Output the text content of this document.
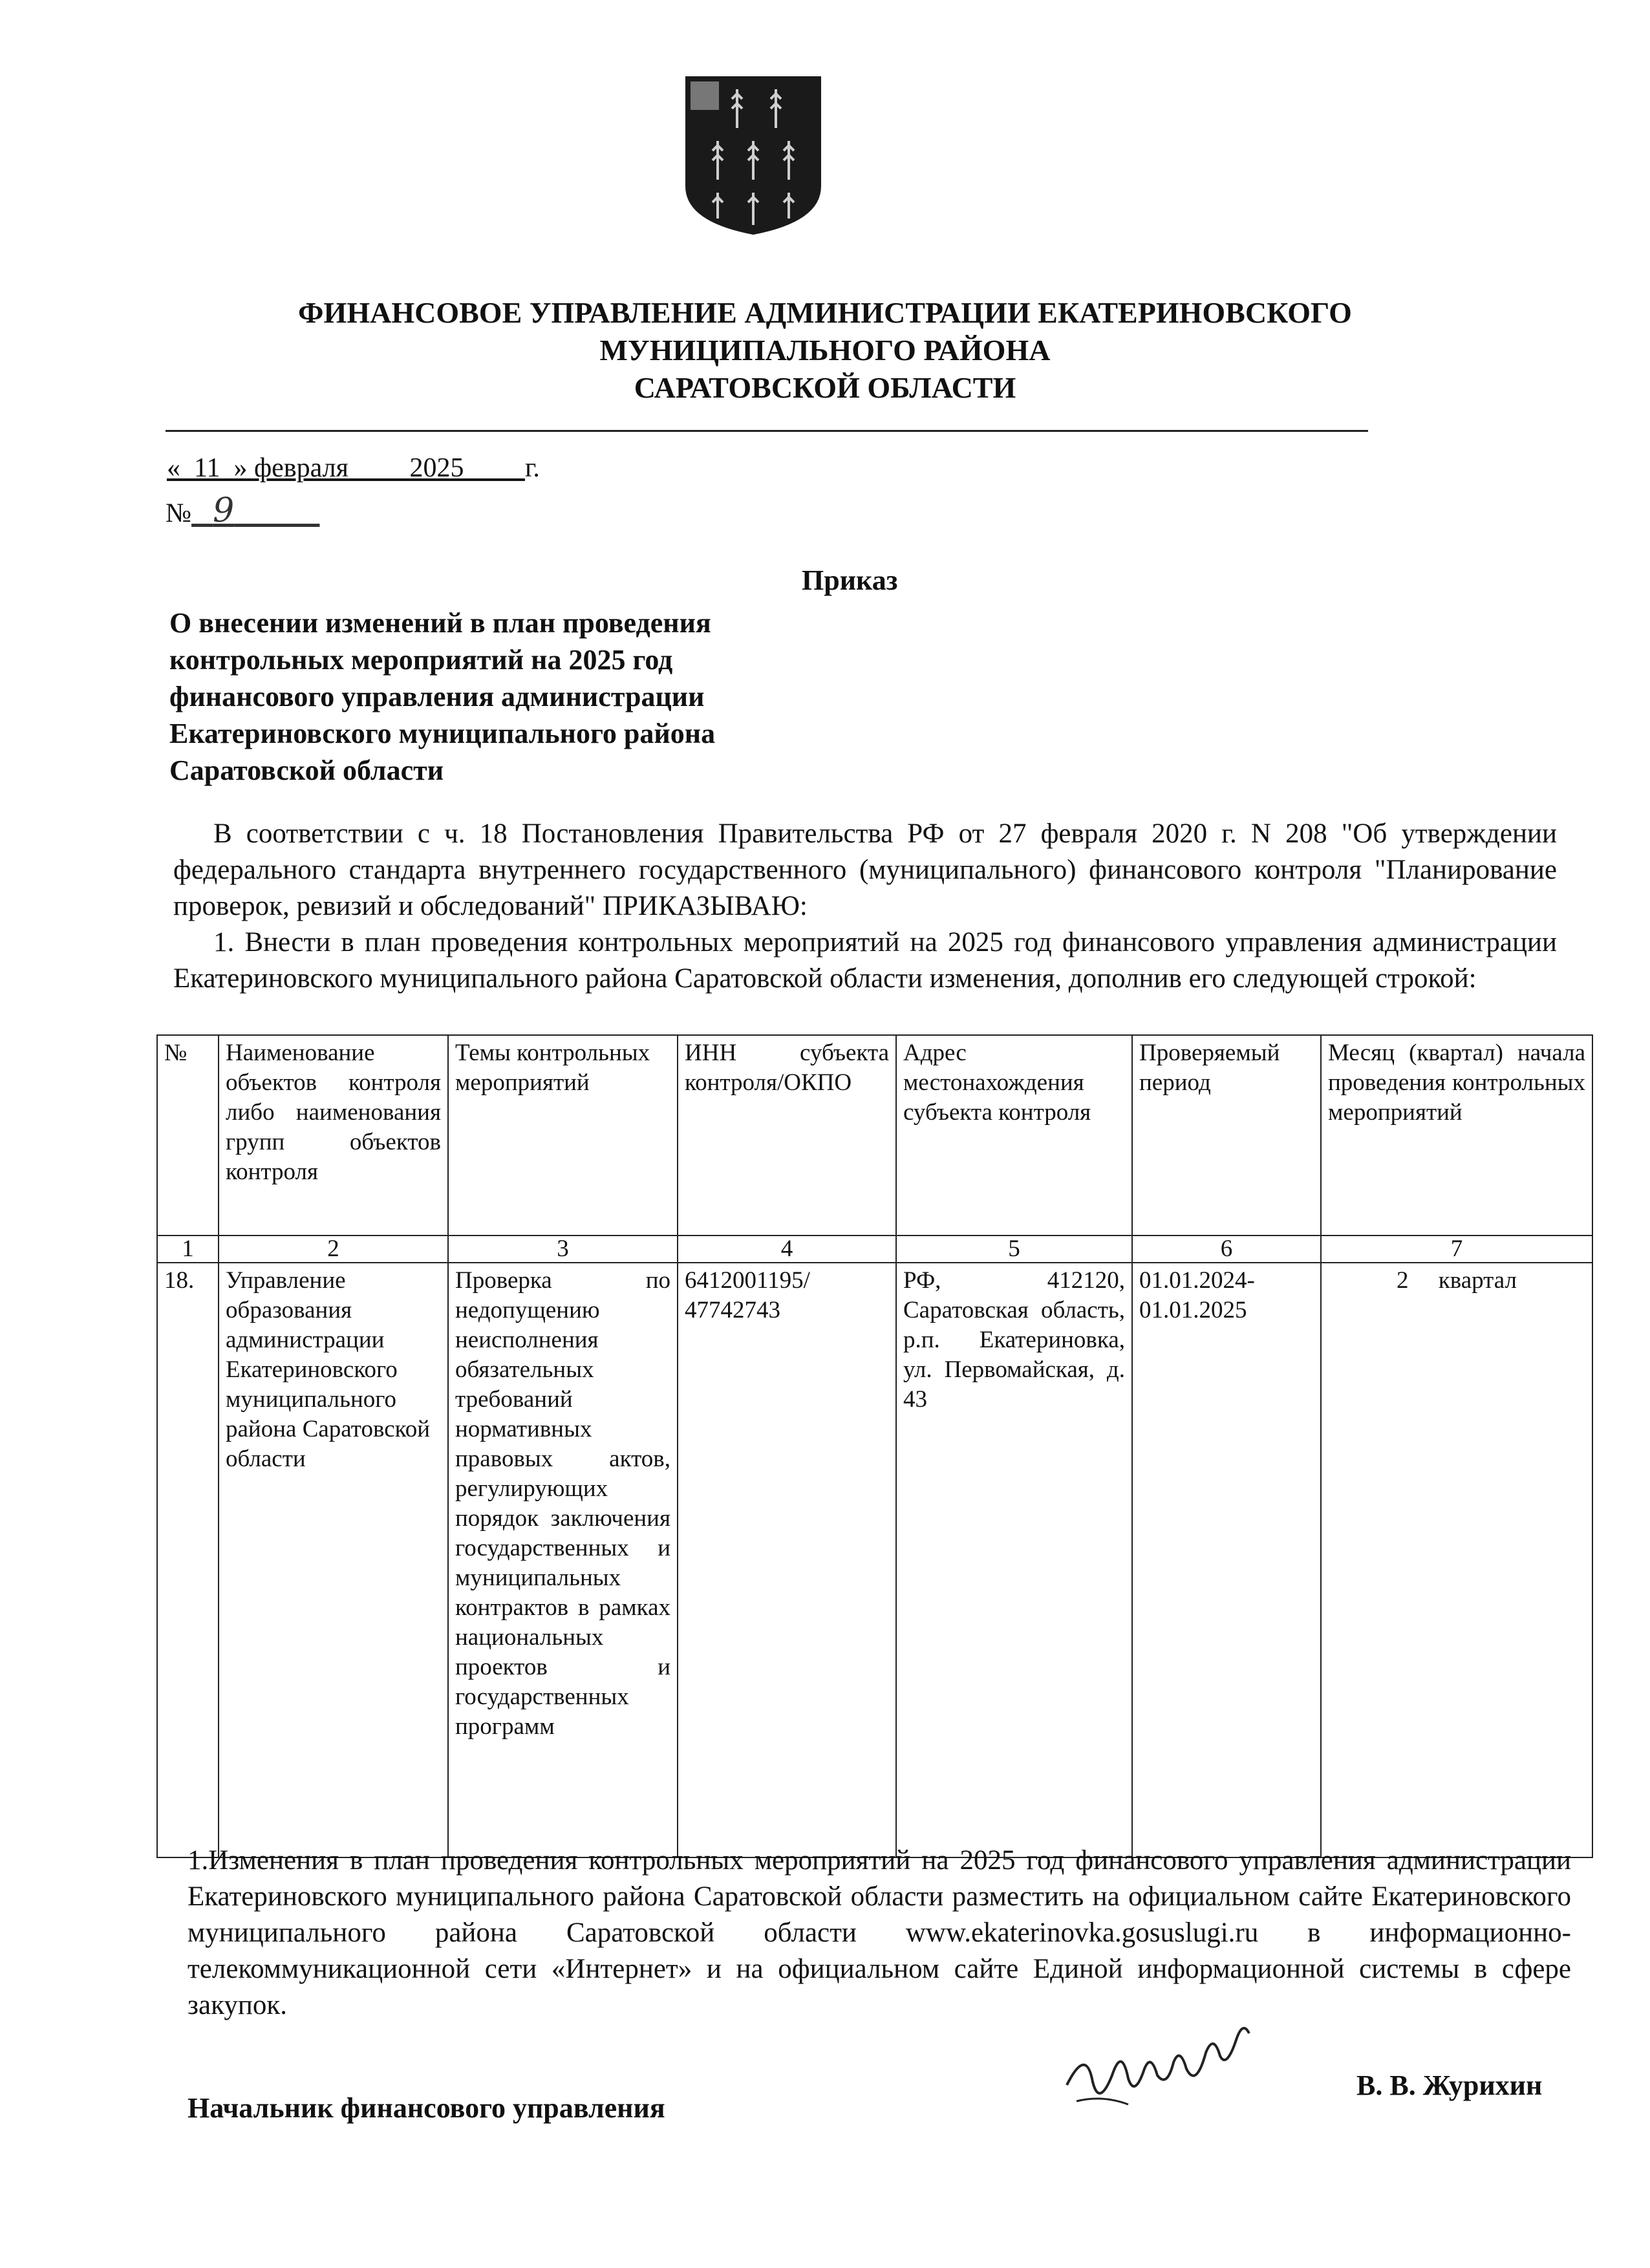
ФИНАНСОВОЕ УПРАВЛЕНИЕ АДМИНИСТРАЦИИ ЕКАТЕРИНОВСКОГО
МУНИЦИПАЛЬНОГО РАЙОНА
САРАТОВСКОЙ ОБЛАСТИ
« 11 » февраля 2025 г.
№ 9
Приказ
О внесении изменений в план проведения
контрольных мероприятий на 2025 год
финансового управления администрации
Екатериновского муниципального района
Саратовской области
В соответствии с ч. 18 Постановления Правительства РФ от 27 февраля 2020 г. N 208 "Об утверждении федерального стандарта внутреннего государственного (муниципального) финансового контроля "Планирование проверок, ревизий и обследований" ПРИКАЗЫВАЮ:
1. Внести в план проведения контрольных мероприятий на 2025 год финансового управления администрации Екатериновского муниципального района Саратовской области изменения, дополнив его следующей строкой:
№	Наименование объектов контроля либо наименования групп объектов контроля	Темы контрольных мероприятий	ИНН субъекта контроля/ОКПО	Адрес местонахождения субъекта контроля	Проверяемый период	Месяц (квартал) начала проведения контрольных мероприятий
1	2	3	4	5	6	7
18.	Управление образования администрации Екатериновского муниципального района Саратовской области	Проверка по недопущению неисполнения обязательных требований нормативных правовых актов, регулирующих порядок заключения государственных и муниципальных контрактов в рамках национальных проектов и государственных программ	6412001195/ 47742743	РФ, 412120, Саратовская область, р.п. Екатериновка, ул. Первомайская, д. 43	01.01.2024- 01.01.2025	2     квартал
1.Изменения в план проведения контрольных мероприятий на 2025 год финансового управления администрации Екатериновского муниципального района Саратовской области разместить на официальном сайте Екатериновского муниципального района Саратовской области www.ekaterinovka.gosuslugi.ru в информационно-телекоммуникационной сети «Интернет» и на официальном сайте Единой информационной системы в сфере закупок.
Начальник финансового управления
В. В. Журихин
